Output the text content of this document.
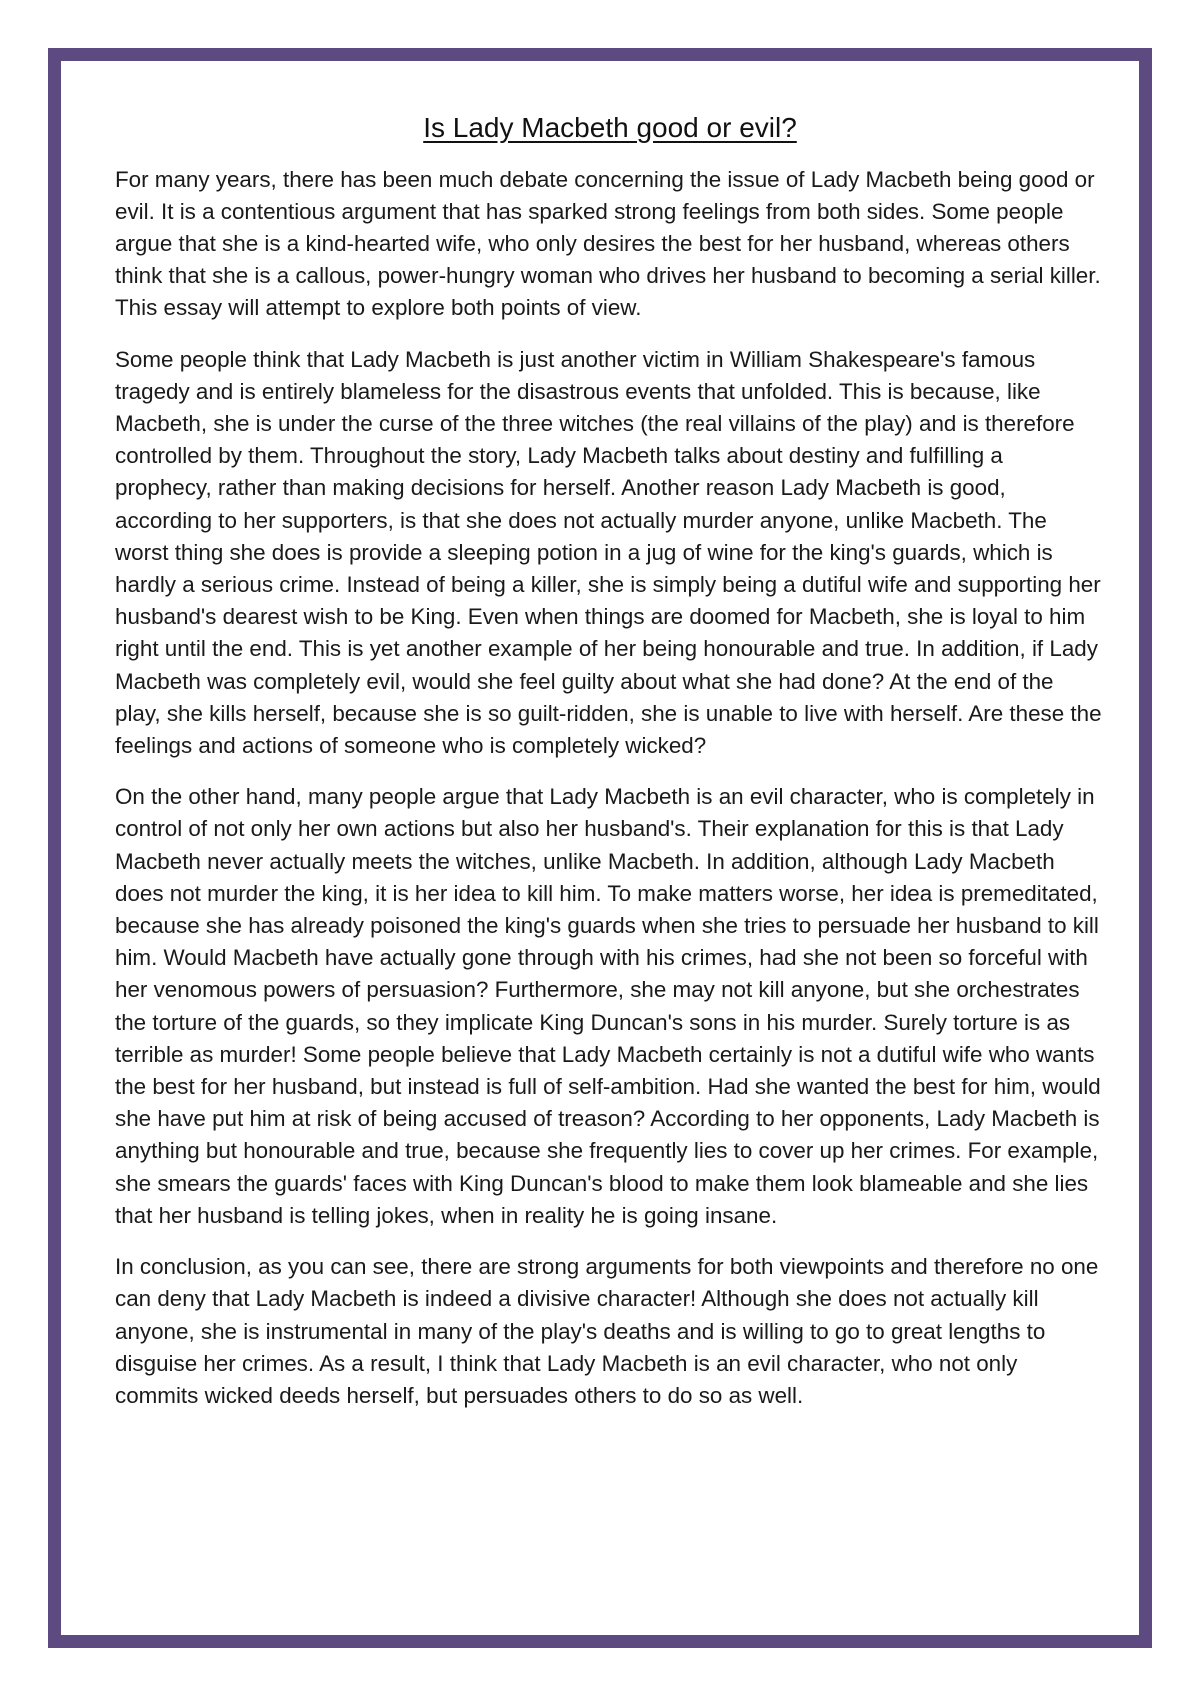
Is Lady Macbeth good or evil?

For many years, there has been much debate concerning the issue of Lady Macbeth being good or evil. It is a contentious argument that has sparked strong feelings from both sides. Some people argue that she is a kind-hearted wife, who only desires the best for her husband, whereas others think that she is a callous, power-hungry woman who drives her husband to becoming a serial killer. This essay will attempt to explore both points of view.

Some people think that Lady Macbeth is just another victim in William Shakespeare's famous tragedy and is entirely blameless for the disastrous events that unfolded. This is because, like Macbeth, she is under the curse of the three witches (the real villains of the play) and is therefore controlled by them. Throughout the story, Lady Macbeth talks about destiny and fulfilling a prophecy, rather than making decisions for herself. Another reason Lady Macbeth is good, according to her supporters, is that she does not actually murder anyone, unlike Macbeth. The worst thing she does is provide a sleeping potion in a jug of wine for the king's guards, which is hardly a serious crime. Instead of being a killer, she is simply being a dutiful wife and supporting her husband's dearest wish to be King. Even when things are doomed for Macbeth, she is loyal to him right until the end. This is yet another example of her being honourable and true. In addition, if Lady Macbeth was completely evil, would she feel guilty about what she had done? At the end of the play, she kills herself, because she is so guilt-ridden, she is unable to live with herself. Are these the feelings and actions of someone who is completely wicked?

On the other hand, many people argue that Lady Macbeth is an evil character, who is completely in control of not only her own actions but also her husband's. Their explanation for this is that Lady Macbeth never actually meets the witches, unlike Macbeth. In addition, although Lady Macbeth does not murder the king, it is her idea to kill him. To make matters worse, her idea is premeditated, because she has already poisoned the king's guards when she tries to persuade her husband to kill him. Would Macbeth have actually gone through with his crimes, had she not been so forceful with her venomous powers of persuasion? Furthermore, she may not kill anyone, but she orchestrates the torture of the guards, so they implicate King Duncan's sons in his murder. Surely torture is as terrible as murder! Some people believe that Lady Macbeth certainly is not a dutiful wife who wants the best for her husband, but instead is full of self-ambition. Had she wanted the best for him, would she have put him at risk of being accused of treason? According to her opponents, Lady Macbeth is anything but honourable and true, because she frequently lies to cover up her crimes. For example, she smears the guards' faces with King Duncan's blood to make them look blameable and she lies that her husband is telling jokes, when in reality he is going insane.

In conclusion, as you can see, there are strong arguments for both viewpoints and therefore no one can deny that Lady Macbeth is indeed a divisive character! Although she does not actually kill anyone, she is instrumental in many of the play's deaths and is willing to go to great lengths to disguise her crimes. As a result, I think that Lady Macbeth is an evil character, who not only commits wicked deeds herself, but persuades others to do so as well.
